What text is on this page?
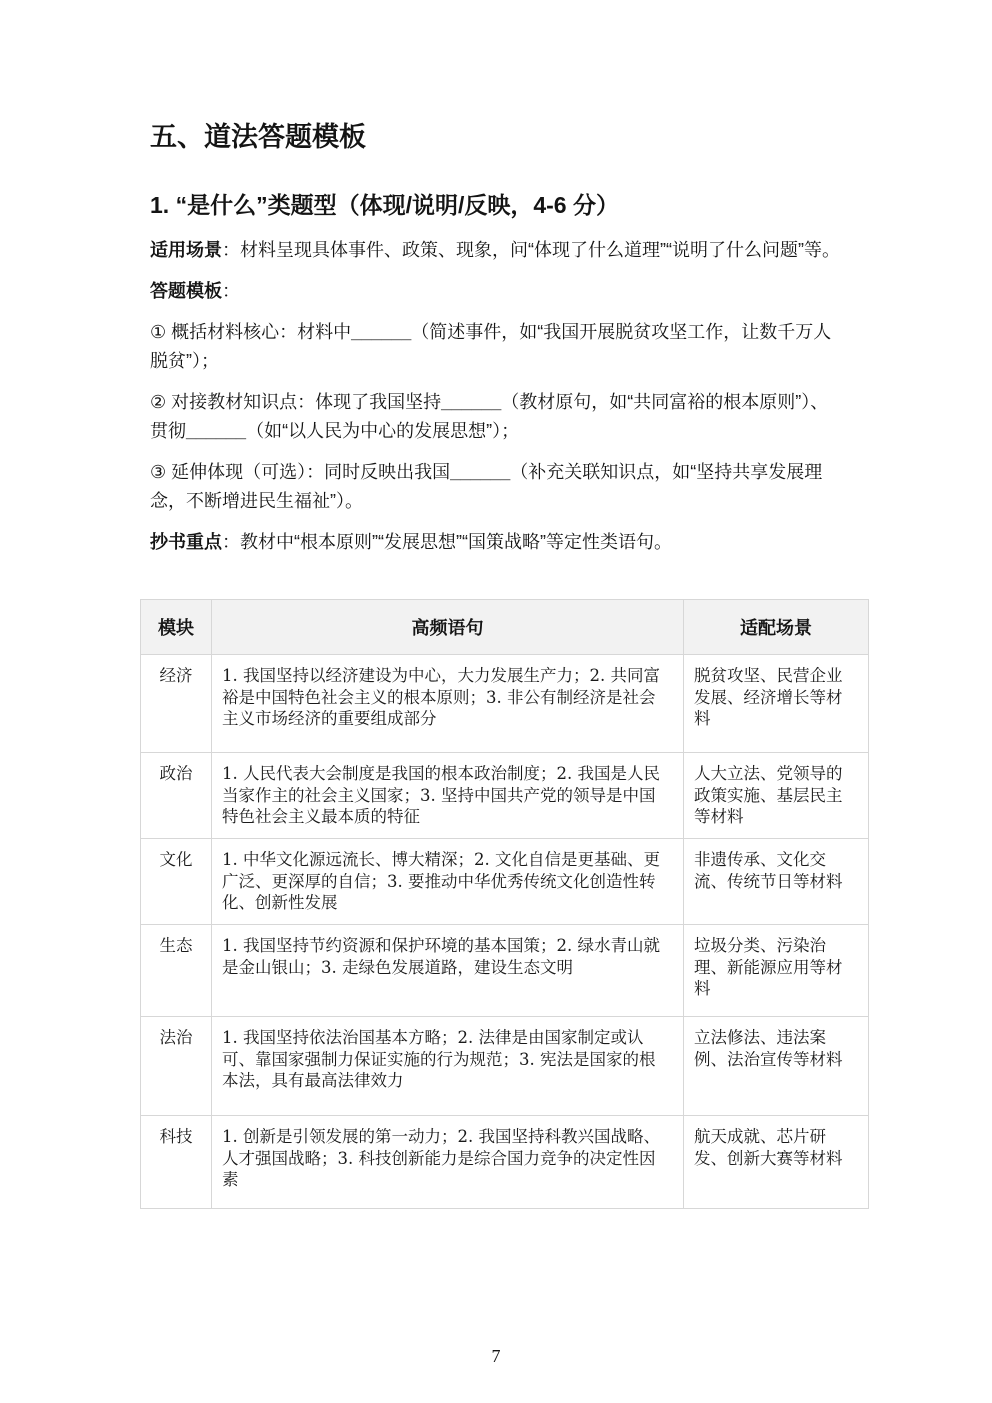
五、道法答题模板
1. “是什么”类题型（体现/说明/反映，4-6 分）

适用场景：材料呈现具体事件、政策、现象，问“体现了什么道理”“说明了什么问题”等。

答题模板：

① 概括材料核心：材料中______（简述事件，如“我国开展脱贫攻坚工作，让数千万人脱贫”）；

② 对接教材知识点：体现了我国坚持______（教材原句，如“共同富裕的根本原则”）、贯彻______（如“以人民为中心的发展思想”）；

③ 延伸体现（可选）：同时反映出我国______（补充关联知识点，如“坚持共享发展理念，不断增进民生福祉”）。

抄书重点：教材中“根本原则”“发展思想”“国策战略”等定性类语句。

模块	高频语句	适配场景
经济	1. 我国坚持以经济建设为中心，大力发展生产力；2. 共同富裕是中国特色社会主义的根本原则；3. 非公有制经济是社会主义市场经济的重要组成部分	脱贫攻坚、民营企业发展、经济增长等材料
政治	1. 人民代表大会制度是我国的根本政治制度；2. 我国是人民当家作主的社会主义国家；3. 坚持中国共产党的领导是中国特色社会主义最本质的特征	人大立法、党领导的政策实施、基层民主等材料
文化	1. 中华文化源远流长、博大精深；2. 文化自信是更基础、更广泛、更深厚的自信；3. 要推动中华优秀传统文化创造性转化、创新性发展	非遗传承、文化交流、传统节日等材料
生态	1. 我国坚持节约资源和保护环境的基本国策；2. 绿水青山就是金山银山；3. 走绿色发展道路，建设生态文明	垃圾分类、污染治理、新能源应用等材料
法治	1. 我国坚持依法治国基本方略；2. 法律是由国家制定或认可、靠国家强制力保证实施的行为规范；3. 宪法是国家的根本法，具有最高法律效力	立法修法、违法案例、法治宣传等材料
科技	1. 创新是引领发展的第一动力；2. 我国坚持科教兴国战略、人才强国战略；3. 科技创新能力是综合国力竞争的决定性因素	航天成就、芯片研发、创新大赛等材料
7
